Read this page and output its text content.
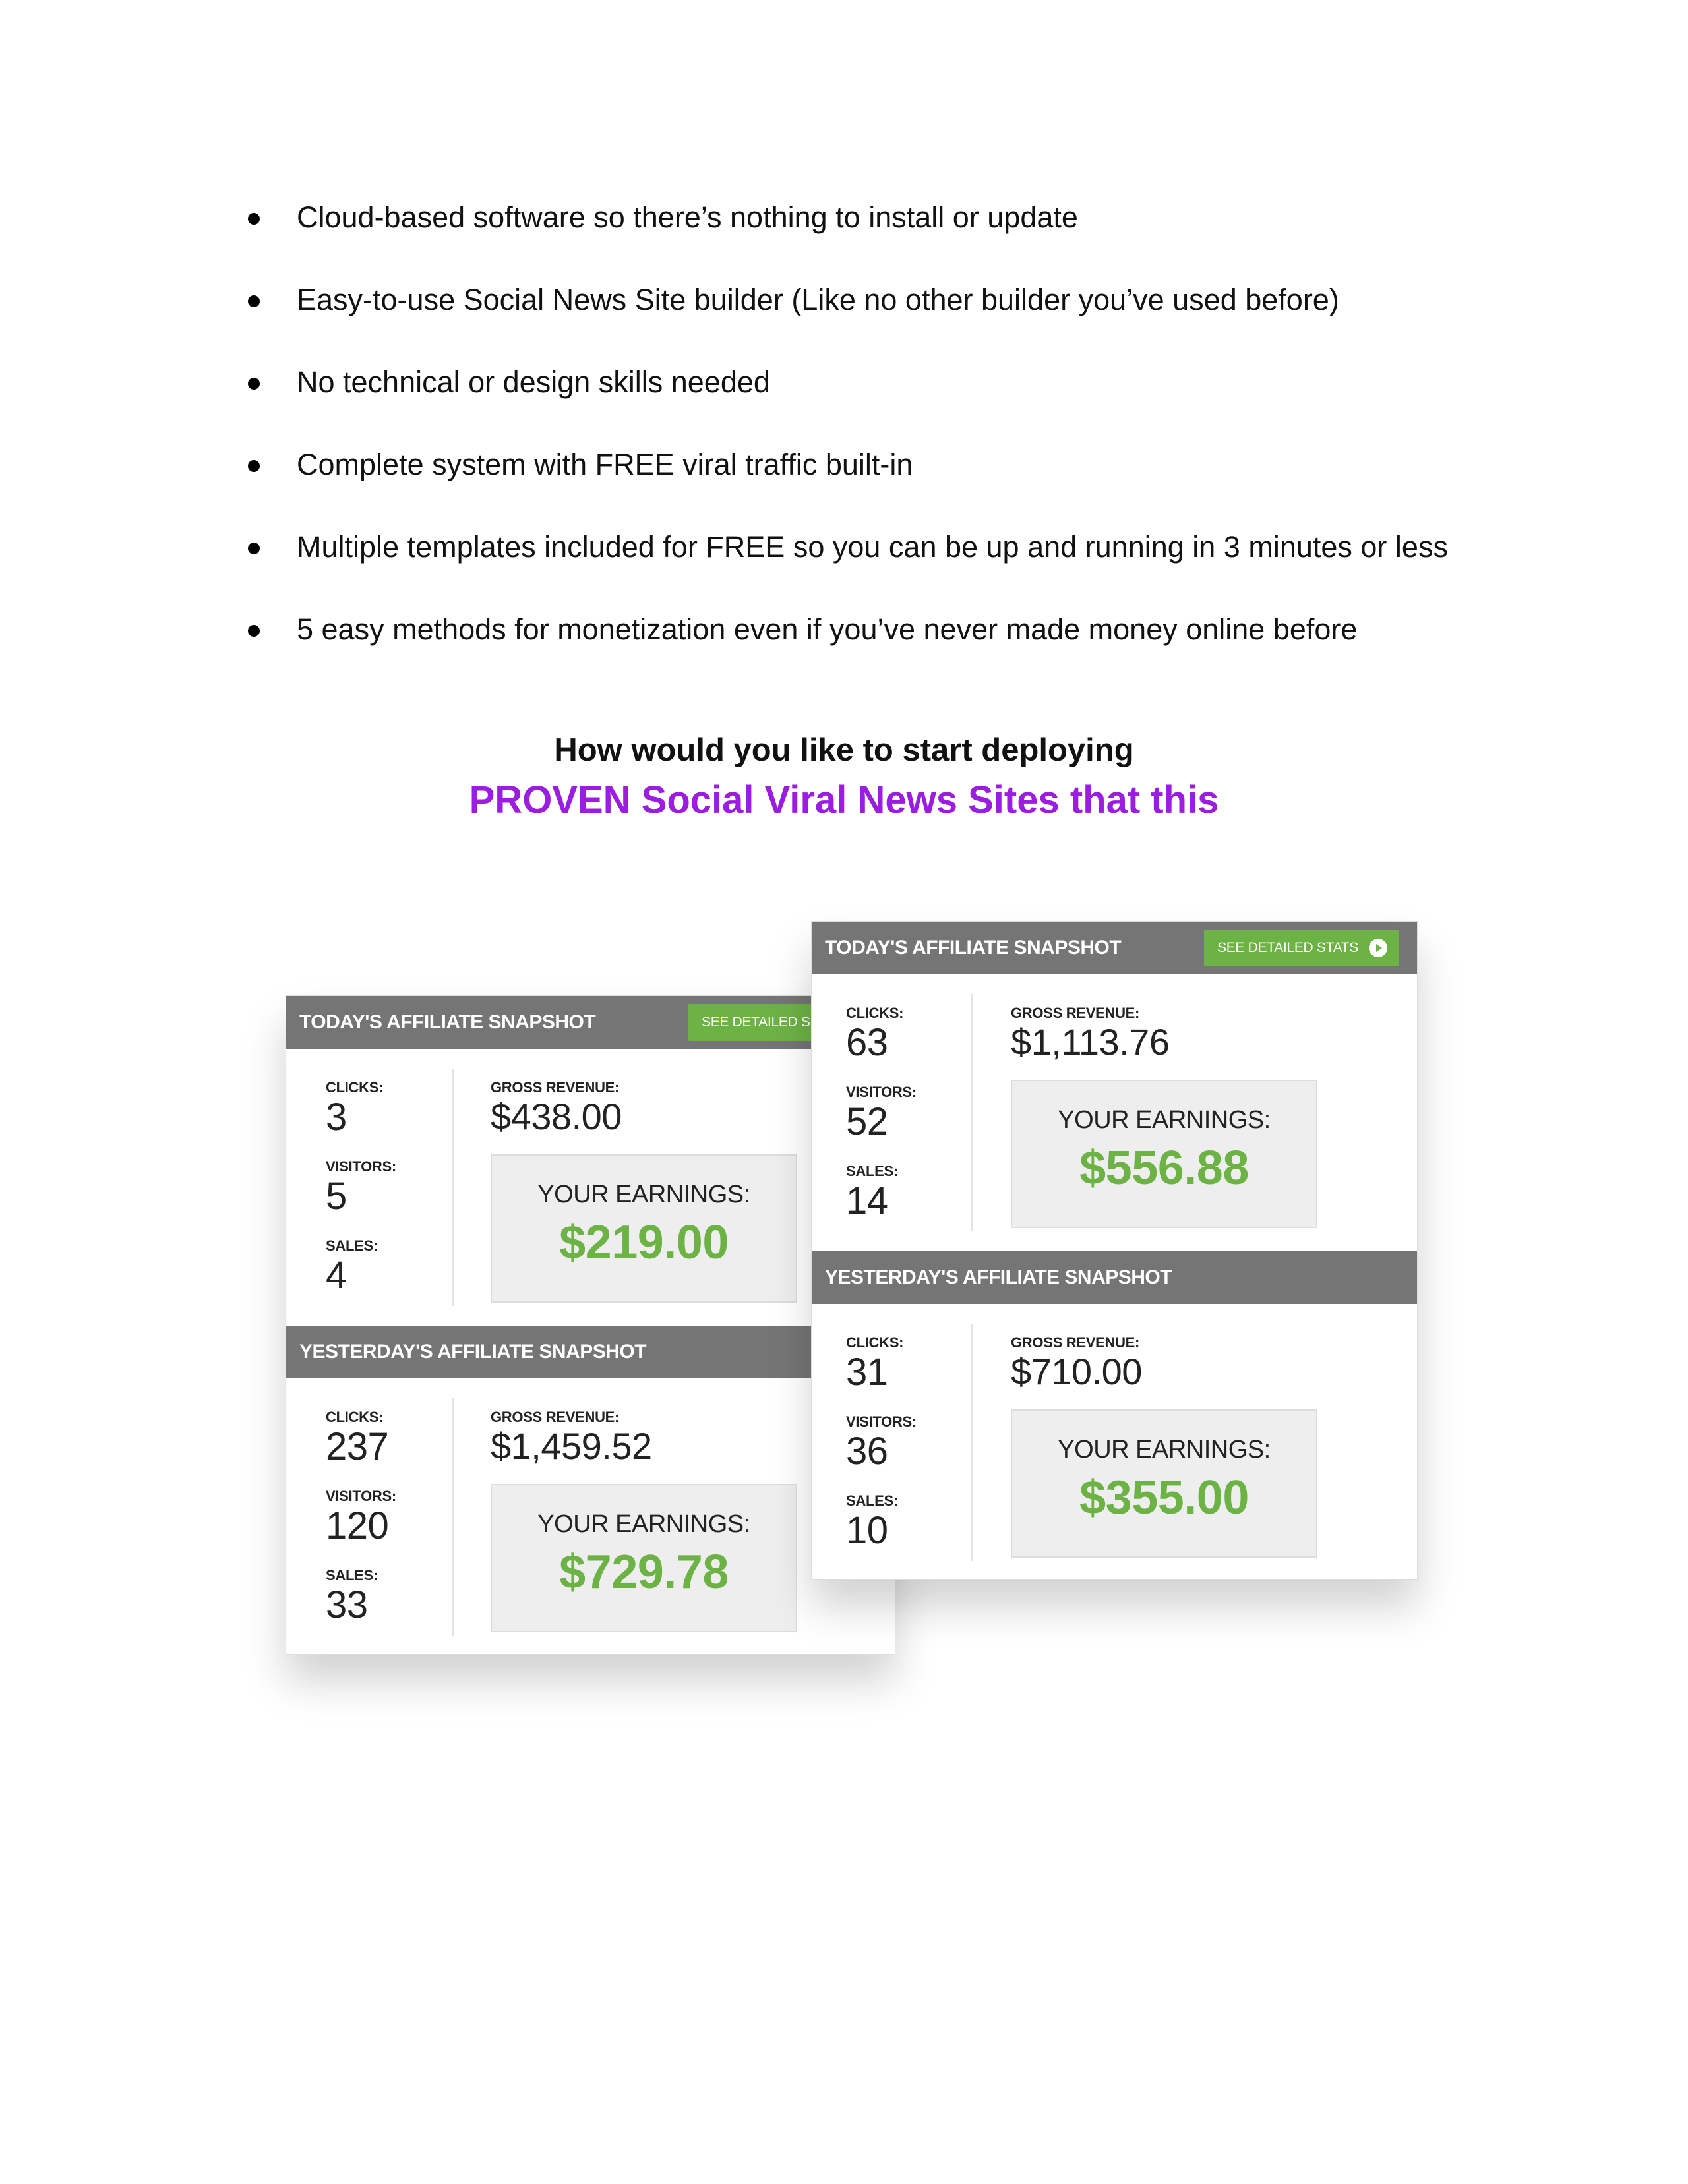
Cloud-based software so there’s nothing to install or update
Easy-to-use Social News Site builder (Like no other builder you’ve used before)
No technical or design skills needed
Complete system with FREE viral traffic built-in
Multiple templates included for FREE so you can be up and running in 3 minutes or less
5 easy methods for monetization even if you’ve never made money online before
How would you like to start deploying
PROVEN Social Viral News Sites that this
TODAY'S AFFILIATE SNAPSHOT	SEE DETAILED S
CLICKS:
3
VISITORS:
5
SALES:
4
GROSS REVENUE:
$438.00
YOUR EARNINGS:
$219.00
YESTERDAY'S AFFILIATE SNAPSHOT
CLICKS:
237
VISITORS:
120
SALES:
33
GROSS REVENUE:
$1,459.52
YOUR EARNINGS:
$729.78
TODAY'S AFFILIATE SNAPSHOT	SEE DETAILED STATS
CLICKS:
63
VISITORS:
52
SALES:
14
GROSS REVENUE:
$1,113.76
YOUR EARNINGS:
$556.88
YESTERDAY'S AFFILIATE SNAPSHOT
CLICKS:
31
VISITORS:
36
SALES:
10
GROSS REVENUE:
$710.00
YOUR EARNINGS:
$355.00
